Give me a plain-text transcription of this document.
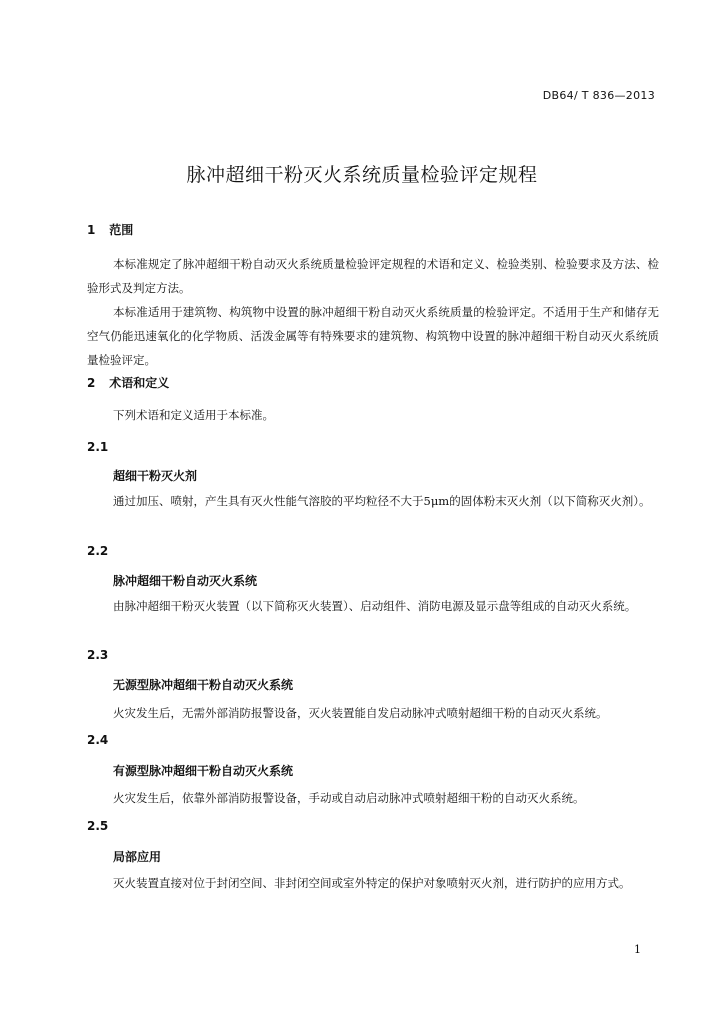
DB64/ T 836—2013
脉冲超细干粉灭火系统质量检验评定规程
1 范围
本标准规定了脉冲超细干粉自动灭火系统质量检验评定规程的术语和定义、检验类别、检验要求及方法、检验形式及判定方法。
本标准适用于建筑物、构筑物中设置的脉冲超细干粉自动灭火系统质量的检验评定。不适用于生产和储存无空气仍能迅速氧化的化学物质、活泼金属等有特殊要求的建筑物、构筑物中设置的脉冲超细干粉自动灭火系统质量检验评定。
2 术语和定义
下列术语和定义适用于本标准。
2.1
超细干粉灭火剂
通过加压、喷射，产生具有灭火性能气溶胶的平均粒径不大于5μm的固体粉末灭火剂（以下简称灭火剂）。
2.2
脉冲超细干粉自动灭火系统
由脉冲超细干粉灭火装置（以下简称灭火装置）、启动组件、消防电源及显示盘等组成的自动灭火系统。
2.3
无源型脉冲超细干粉自动灭火系统
火灾发生后，无需外部消防报警设备，灭火装置能自发启动脉冲式喷射超细干粉的自动灭火系统。
2.4
有源型脉冲超细干粉自动灭火系统
火灾发生后，依靠外部消防报警设备，手动或自动启动脉冲式喷射超细干粉的自动灭火系统。
2.5
局部应用
灭火装置直接对位于封闭空间、非封闭空间或室外特定的保护对象喷射灭火剂，进行防护的应用方式。
1
